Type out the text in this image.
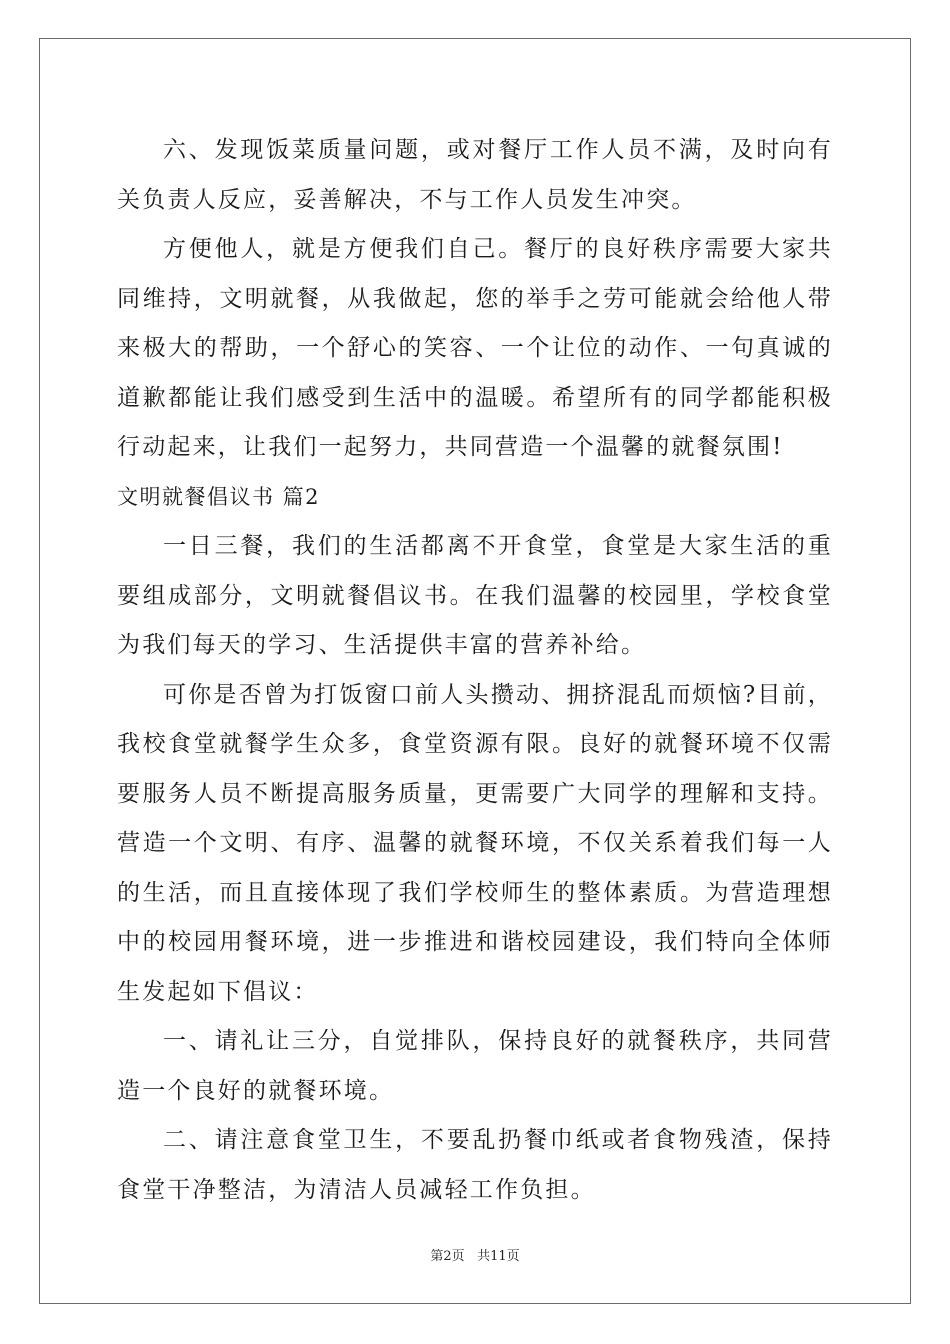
六、发现饭菜质量问题，或对餐厅工作人员不满，及时向有关负责人反应，妥善解决，不与工作人员发生冲突。

方便他人，就是方便我们自己。餐厅的良好秩序需要大家共同维持，文明就餐，从我做起，您的举手之劳可能就会给他人带来极大的帮助，一个舒心的笑容、一个让位的动作、一句真诚的道歉都能让我们感受到生活中的温暖。希望所有的同学都能积极行动起来，让我们一起努力，共同营造一个温馨的就餐氛围!

文明就餐倡议书 篇2

一日三餐，我们的生活都离不开食堂，食堂是大家生活的重要组成部分，文明就餐倡议书。在我们温馨的校园里，学校食堂为我们每天的学习、生活提供丰富的营养补给。

可你是否曾为打饭窗口前人头攒动、拥挤混乱而烦恼?目前，我校食堂就餐学生众多，食堂资源有限。良好的就餐环境不仅需要服务人员不断提高服务质量，更需要广大同学的理解和支持。营造一个文明、有序、温馨的就餐环境，不仅关系着我们每一人的生活，而且直接体现了我们学校师生的整体素质。为营造理想中的校园用餐环境，进一步推进和谐校园建设，我们特向全体师生发起如下倡议：

一、请礼让三分，自觉排队，保持良好的就餐秩序，共同营造一个良好的就餐环境。

二、请注意食堂卫生，不要乱扔餐巾纸或者食物残渣，保持食堂干净整洁，为清洁人员减轻工作负担。

第2页 共11页
